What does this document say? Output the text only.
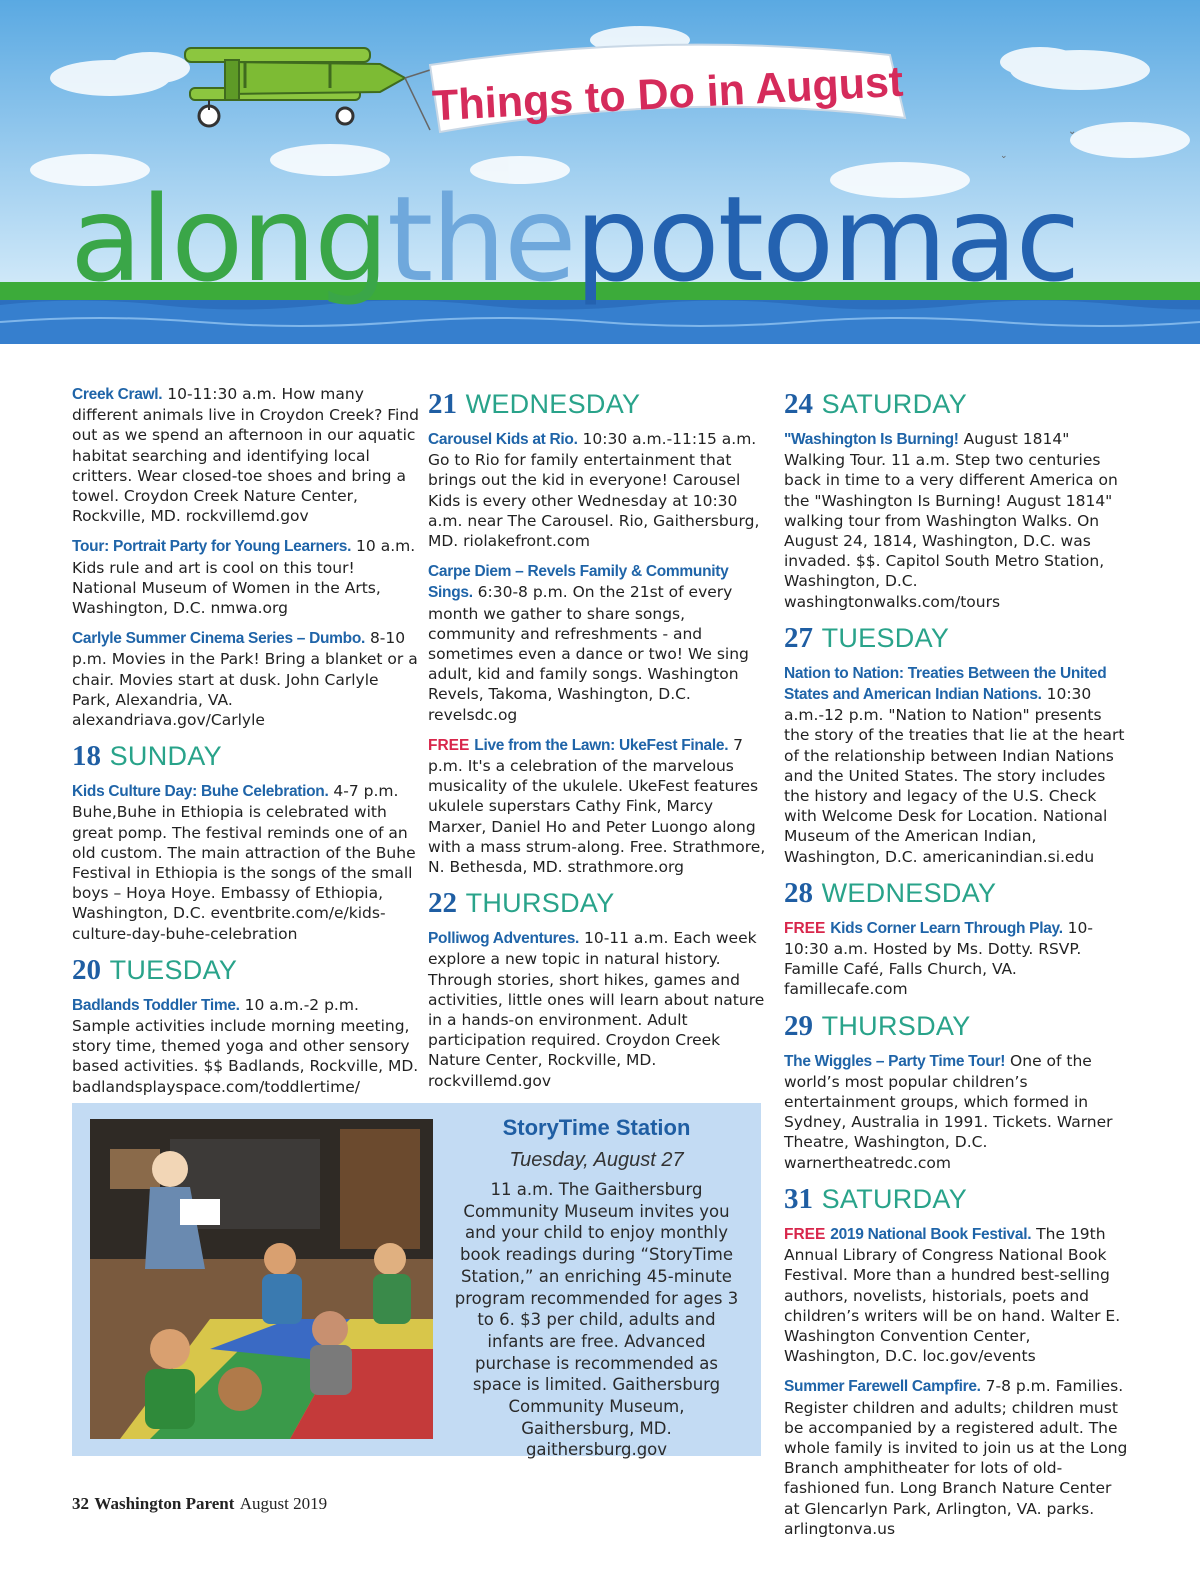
Things to Do in August
⌄
⌄
alongthepotomac
Creek Crawl. 10-11:30 a.m. How many different animals live in Croydon Creek? Find out as we spend an afternoon in our aquatic habitat searching and identifying local critters. Wear closed-toe shoes and bring a towel. Croydon Creek Nature Center, Rockville, MD. rockvillemd.gov
Tour: Portrait Party for Young Learners. 10 a.m. Kids rule and art is cool on this tour! National Museum of Women in the Arts, Washington, D.C. nmwa.org
Carlyle Summer Cinema Series – Dumbo. 8-10 p.m. Movies in the Park! Bring a blanket or a chair. Movies start at dusk. John Carlyle Park, Alexandria, VA. alexandriava.gov/Carlyle
18 SUNDAY
Kids Culture Day: Buhe Celebration. 4-7 p.m. Buhe,Buhe in Ethiopia is celebrated with great pomp. The festival reminds one of an old custom. The main attraction of the Buhe Festival in Ethiopia is the songs of the small boys – Hoya Hoye. Embassy of Ethiopia, Washington, D.C. eventbrite.com/e/kids-culture-day-buhe-celebration
20 TUESDAY
Badlands Toddler Time. 10 a.m.-2 p.m. Sample activities include morning meeting, story time, themed yoga and other sensory based activities. $$ Badlands, Rockville, MD. badlandsplayspace.com/toddlertime/
21 WEDNESDAY
Carousel Kids at Rio. 10:30 a.m.-11:15 a.m. Go to Rio for family entertainment that brings out the kid in everyone! Carousel Kids is every other Wednesday at 10:30 a.m. near The Carousel. Rio, Gaithersburg, MD. riolakefront.com
Carpe Diem – Revels Family & Community Sings. 6:30-8 p.m. On the 21st of every month we gather to share songs, community and refreshments - and sometimes even a dance or two! We sing adult, kid and family songs. Washington Revels, Takoma, Washington, D.C. revelsdc.og
FREE Live from the Lawn: UkeFest Finale. 7 p.m. It's a celebration of the marvelous musicality of the ukulele. UkeFest features ukulele superstars Cathy Fink, Marcy Marxer, Daniel Ho and Peter Luongo along with a mass strum-along. Free. Strathmore, N. Bethesda, MD. strathmore.org
22 THURSDAY
Polliwog Adventures. 10-11 a.m. Each week explore a new topic in natural history. Through stories, short hikes, games and activities, little ones will learn about nature in a hands-on environment. Adult participation required. Croydon Creek Nature Center, Rockville, MD. rockvillemd.gov
24 SATURDAY
"Washington Is Burning! August 1814" Walking Tour. 11 a.m. Step two centuries back in time to a very different America on the "Washington Is Burning! August 1814" walking tour from Washington Walks. On August 24, 1814, Washington, D.C. was invaded. $$. Capitol South Metro Station, Washington, D.C. washingtonwalks.com/tours
27 TUESDAY
Nation to Nation: Treaties Between the United States and American Indian Nations. 10:30 a.m.-12 p.m. "Nation to Nation" presents the story of the treaties that lie at the heart of the relationship between Indian Nations and the United States. The story includes the history and legacy of the U.S. Check with Welcome Desk for Location. National Museum of the American Indian, Washington, D.C. americanindian.si.edu
28 WEDNESDAY
FREE Kids Corner Learn Through Play. 10-10:30 a.m. Hosted by Ms. Dotty. RSVP. Famille Café, Falls Church, VA. famillecafe.com
29 THURSDAY
The Wiggles – Party Time Tour! One of the world’s most popular children’s entertainment groups, which formed in Sydney, Australia in 1991. Tickets. Warner Theatre, Washington, D.C. warnertheatredc.com
31 SATURDAY
FREE 2019 National Book Festival. The 19th Annual Library of Congress National Book Festival. More than a hundred best-selling authors, novelists, historials, poets and children’s writers will be on hand. Walter E. Washington Convention Center, Washington, D.C. loc.gov/events
Summer Farewell Campfire. 7-8 p.m. Families. Register children and adults; children must be accompanied by a registered adult. The whole family is invited to join us at the Long Branch amphitheater for lots of old-fashioned fun. Long Branch Nature Center at Glencarlyn Park, Arlington, VA. parks. arlingtonva.us
StoryTime Station
Tuesday, August 27
11 a.m. The Gaithersburg Community Museum invites you and your child to enjoy monthly book readings during “StoryTime Station,” an enriching 45-minute program recommended for ages 3 to 6. $3 per child, adults and infants are free. Advanced purchase is recommended as space is limited. Gaithersburg Community Museum, Gaithersburg, MD. gaithersburg.gov
32 Washington Parent August 2019
